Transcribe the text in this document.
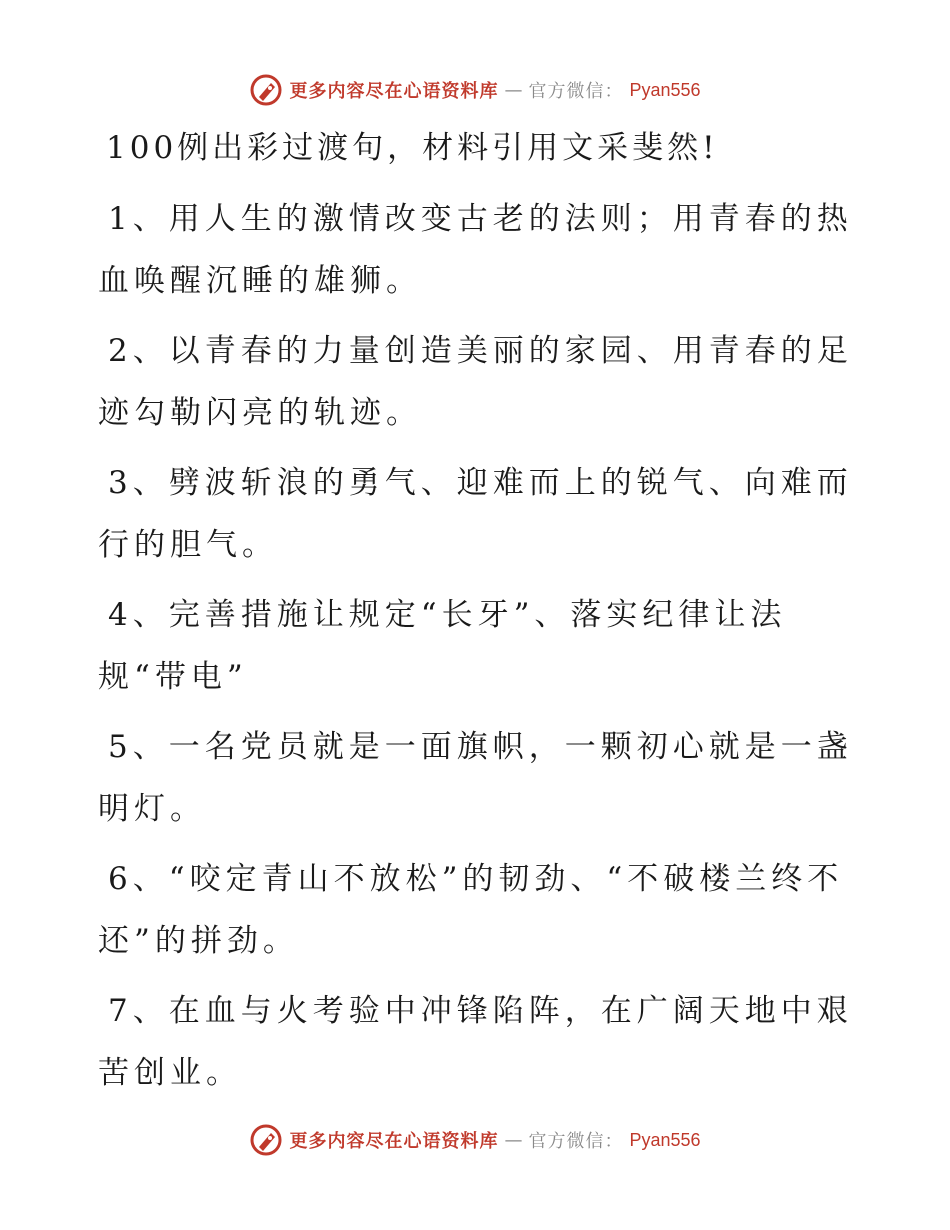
更多内容尽在心语资料库 — 官方微信： Pyan556
100例出彩过渡句，材料引用文采斐然!

1、用人生的激情改变古老的法则；用青春的热血唤醒沉睡的雄狮。

2、以青春的力量创造美丽的家园、用青春的足迹勾勒闪亮的轨迹。

3、劈波斩浪的勇气、迎难而上的锐气、向难而行的胆气。

4、完善措施让规定“长牙”、落实纪律让法规“带电”

5、一名党员就是一面旗帜，一颗初心就是一盏明灯。

6、“咬定青山不放松”的韧劲、“不破楼兰终不还”的拼劲。

7、在血与火考验中冲锋陷阵，在广阔天地中艰苦创业。

更多内容尽在心语资料库 — 官方微信： Pyan556
